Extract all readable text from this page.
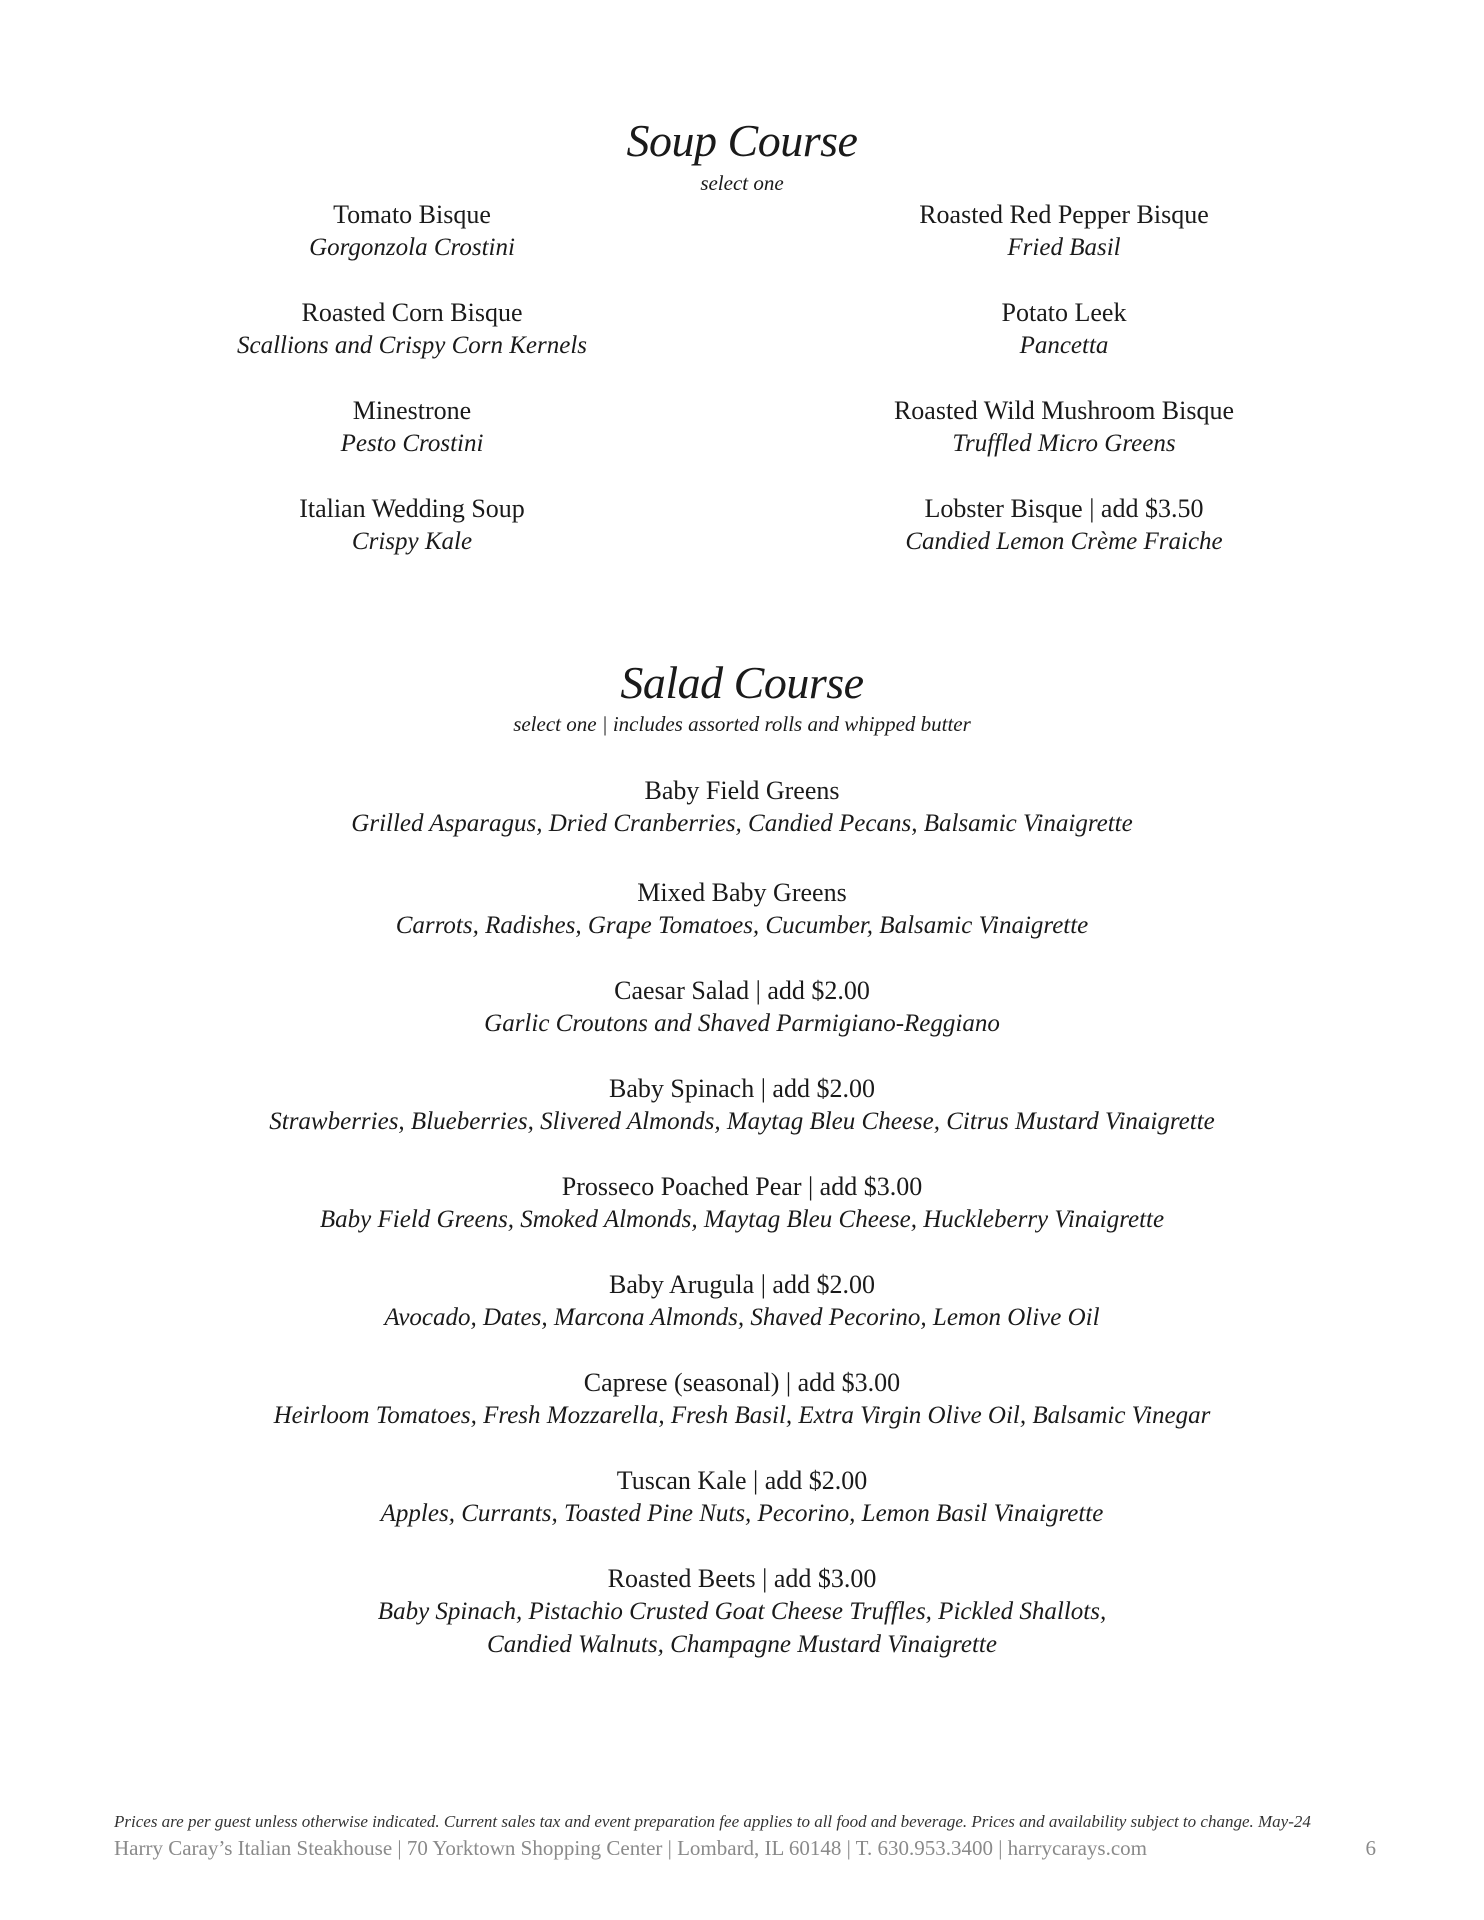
Soup Course
select one
Tomato Bisque
Gorgonzola Crostini
Roasted Corn Bisque
Scallions and Crispy Corn Kernels
Minestrone
Pesto Crostini
Italian Wedding Soup
Crispy Kale
Roasted Red Pepper Bisque
Fried Basil
Potato Leek
Pancetta
Roasted Wild Mushroom Bisque
Truffled Micro Greens
Lobster Bisque | add $3.50
Candied Lemon Crème Fraiche
Salad Course
select one | includes assorted rolls and whipped butter
Baby Field Greens
Grilled Asparagus, Dried Cranberries, Candied Pecans, Balsamic Vinaigrette
Mixed Baby Greens
Carrots, Radishes, Grape Tomatoes, Cucumber, Balsamic Vinaigrette
Caesar Salad | add $2.00
Garlic Croutons and Shaved Parmigiano-Reggiano
Baby Spinach | add $2.00
Strawberries, Blueberries, Slivered Almonds, Maytag Bleu Cheese, Citrus Mustard Vinaigrette
Prosseco Poached Pear | add $3.00
Baby Field Greens, Smoked Almonds, Maytag Bleu Cheese, Huckleberry Vinaigrette
Baby Arugula | add $2.00
Avocado, Dates, Marcona Almonds, Shaved Pecorino, Lemon Olive Oil
Caprese (seasonal) | add $3.00
Heirloom Tomatoes, Fresh Mozzarella, Fresh Basil, Extra Virgin Olive Oil, Balsamic Vinegar
Tuscan Kale | add $2.00
Apples, Currants, Toasted Pine Nuts, Pecorino, Lemon Basil Vinaigrette
Roasted Beets | add $3.00
Baby Spinach, Pistachio Crusted Goat Cheese Truffles, Pickled Shallots,
Candied Walnuts, Champagne Mustard Vinaigrette
Prices are per guest unless otherwise indicated. Current sales tax and event preparation fee applies to all food and beverage. Prices and availability subject to change. May-24
Harry Caray’s Italian Steakhouse | 70 Yorktown Shopping Center | Lombard, IL 60148 | T. 630.953.3400 | harrycarays.com	6
